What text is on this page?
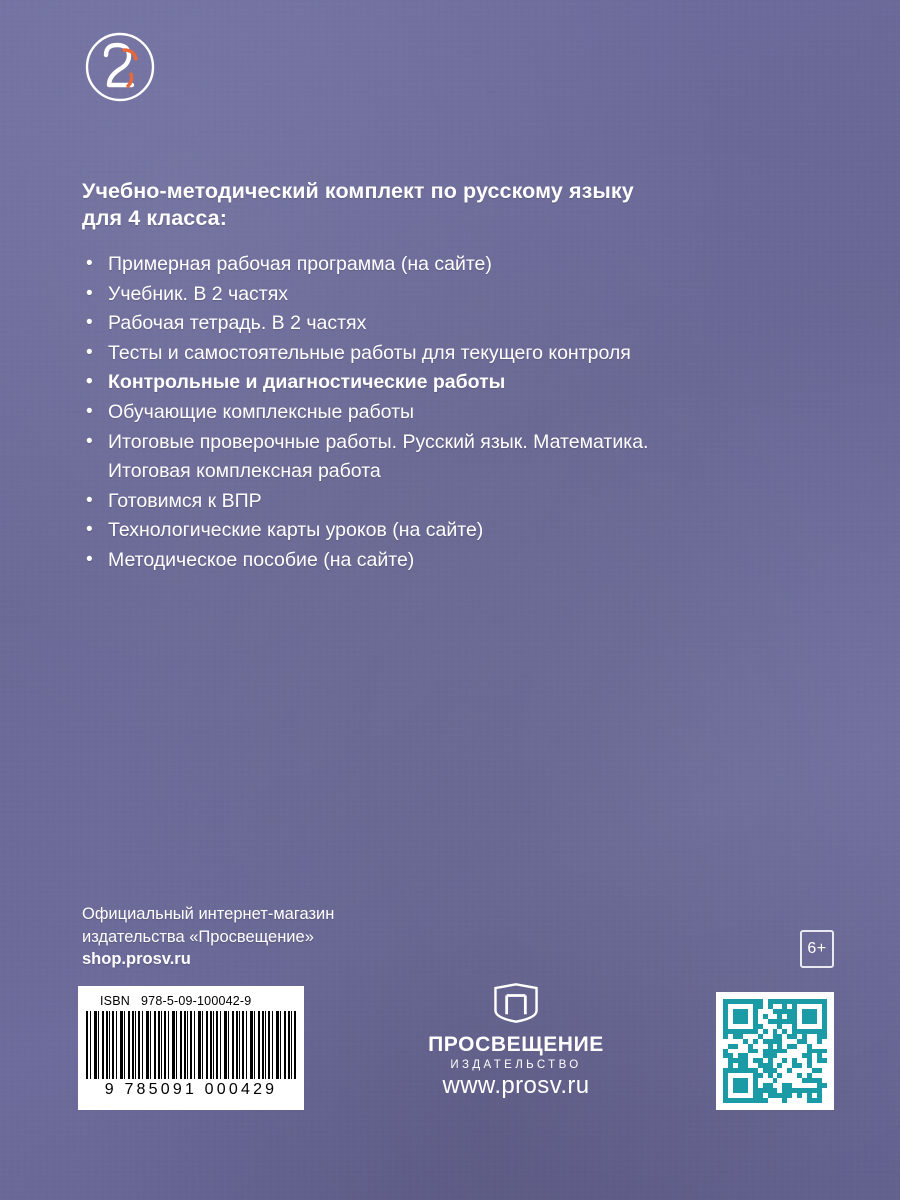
Учебно-методический комплект по русскому языку
для 4 класса:
• Примерная рабочая программа (на сайте)
• Учебник. В 2 частях
• Рабочая тетрадь. В 2 частях
• Тесты и самостоятельные работы для текущего контроля
• Контрольные и диагностические работы
• Обучающие комплексные работы
• Итоговые проверочные работы. Русский язык. Математика.
Итоговая комплексная работа
• Готовимся к ВПР
• Технологические карты уроков (на сайте)
• Методическое пособие (на сайте)
Официальный интернет-магазин
издательства «Просвещение»
shop.prosv.ru
6+
ISBN 978-5-09-100042-9
9 785091 000429
ПРОСВЕЩЕНИЕ
ИЗДАТЕЛЬСТВО
www.prosv.ru
